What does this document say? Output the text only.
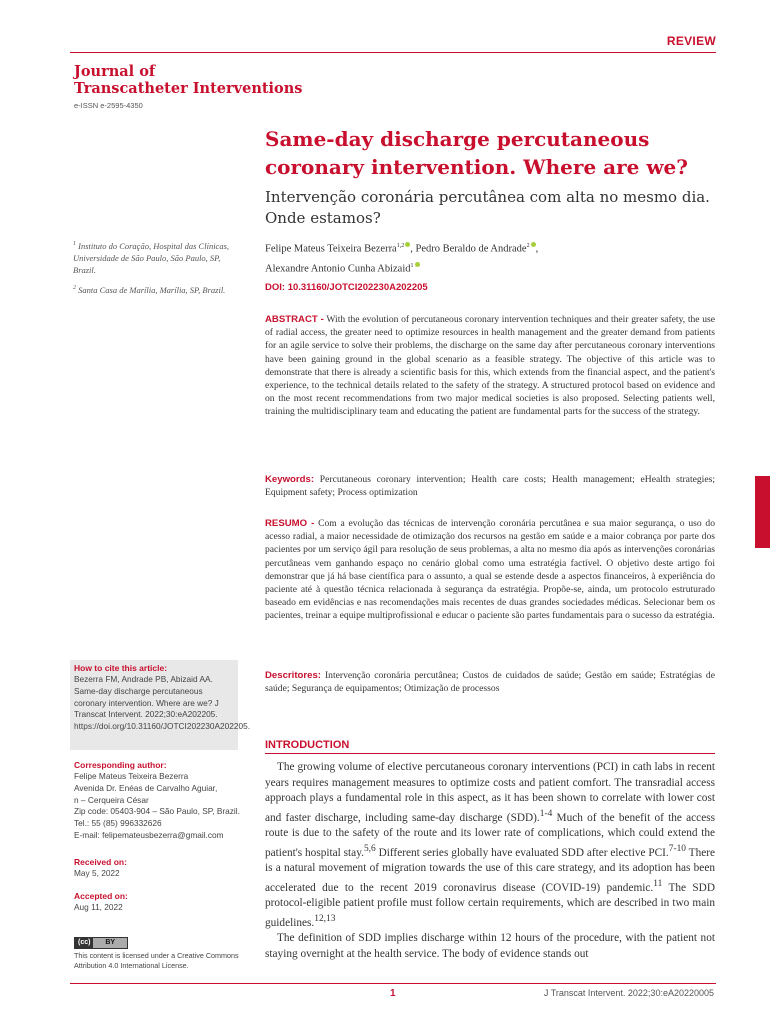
REVIEW
Journal of
Transcatheter Interventions
e-ISSN e-2595-4350
Same-day discharge percutaneous coronary intervention. Where are we?
Intervenção coronária percutânea com alta no mesmo dia. Onde estamos?

$^1$ Instituto do Coração, Hospital das Clínicas, Universidade de São Paulo, São Paulo, SP, Brazil.

$^2$ Santa Casa de Marília, Marília, SP, Brazil.

Felipe Mateus Teixeira Bezerra$^{1,2}$ , Pedro Beraldo de Andrade$^2$ ,
Alexandre Antonio Cunha Abizaid$^1$
DOI: 10.31160/JOTCI202230A202205
ABSTRACT - With the evolution of percutaneous coronary intervention techniques and their greater safety, the use of radial access, the greater need to optimize resources in health management and the greater demand from patients for an agile service to solve their problems, the discharge on the same day after percutaneous coronary interventions have been gaining ground in the global scenario as a feasible strategy. The objective of this article was to demonstrate that there is already a scientific basis for this, which extends from the financial aspect, and the patient's experience, to the technical details related to the safety of the strategy. A structured protocol based on evidence and on the most recent recommendations from two major medical societies is also proposed. Selecting patients well, training the multidisciplinary team and educating the patient are fundamental parts for the success of the strategy.
Keywords: Percutaneous coronary intervention; Health care costs; Health management; eHealth strategies; Equipment safety; Process optimization
RESUMO - Com a evolução das técnicas de intervenção coronária percutânea e sua maior segurança, o uso do acesso radial, a maior necessidade de otimização dos recursos na gestão em saúde e a maior cobrança por parte dos pacientes por um serviço ágil para resolução de seus problemas, a alta no mesmo dia após as intervenções coronárias percutâneas vem ganhando espaço no cenário global como uma estratégia factível. O objetivo deste artigo foi demonstrar que já há base científica para o assunto, a qual se estende desde a aspectos financeiros, à experiência do paciente até à questão técnica relacionada à segurança da estratégia. Propõe-se, ainda, um protocolo estruturado baseado em evidências e nas recomendações mais recentes de duas grandes sociedades médicas. Selecionar bem os pacientes, treinar a equipe multiprofissional e educar o paciente são partes fundamentais para o sucesso da estratégia.
Descritores: Intervenção coronária percutânea; Custos de cuidados de saúde; Gestão em saúde; Estratégias de saúde; Segurança de equipamentos; Otimização de processos
How to cite this article:
Bezerra FM, Andrade PB, Abizaid AA. Same-day discharge percutaneous coronary intervention. Where are we? J Transcat Intervent. 2022;30:eA202205. https://doi.org/10.31160/JOTCI202230A202205.
Corresponding author:
Felipe Mateus Teixeira Bezerra
Avenida Dr. Enéas de Carvalho Aguiar,
n – Cerqueira César
Zip code: 05403-904 – São Paulo, SP, Brazil.
Tel.: 55 (85) 996332626
E-mail: felipemateusbezerra@gmail.com
Received on:
May 5, 2022
Accepted on:
Aug 11, 2022
(cc)	BY
This content is licensed under a Creative Commons Attribution 4.0 International License.
INTRODUCTION

The growing volume of elective percutaneous coronary interventions (PCI) in cath labs in recent years requires management measures to optimize costs and patient comfort. The transradial access approach plays a fundamental role in this aspect, as it has been shown to correlate with lower cost and faster discharge, including same-day discharge (SDD).$^{1-4}$ Much of the benefit of the access route is due to the safety of the route and its lower rate of complications, which could extend the patient's hospital stay.$^{5,6}$ Different series globally have evaluated SDD after elective PCI.$^{7-10}$ There is a natural movement of migration towards the use of this care strategy, and its adoption has been accelerated due to the recent 2019 coronavirus disease (COVID-19) pandemic.$^{11}$ The SDD protocol-eligible patient profile must follow certain requirements, which are described in two main guidelines.$^{12,13}$

The definition of SDD implies discharge within 12 hours of the procedure, with the patient not staying overnight at the health service. The body of evidence stands out

1	J Transcat Intervent. 2022;30:eA20220005
